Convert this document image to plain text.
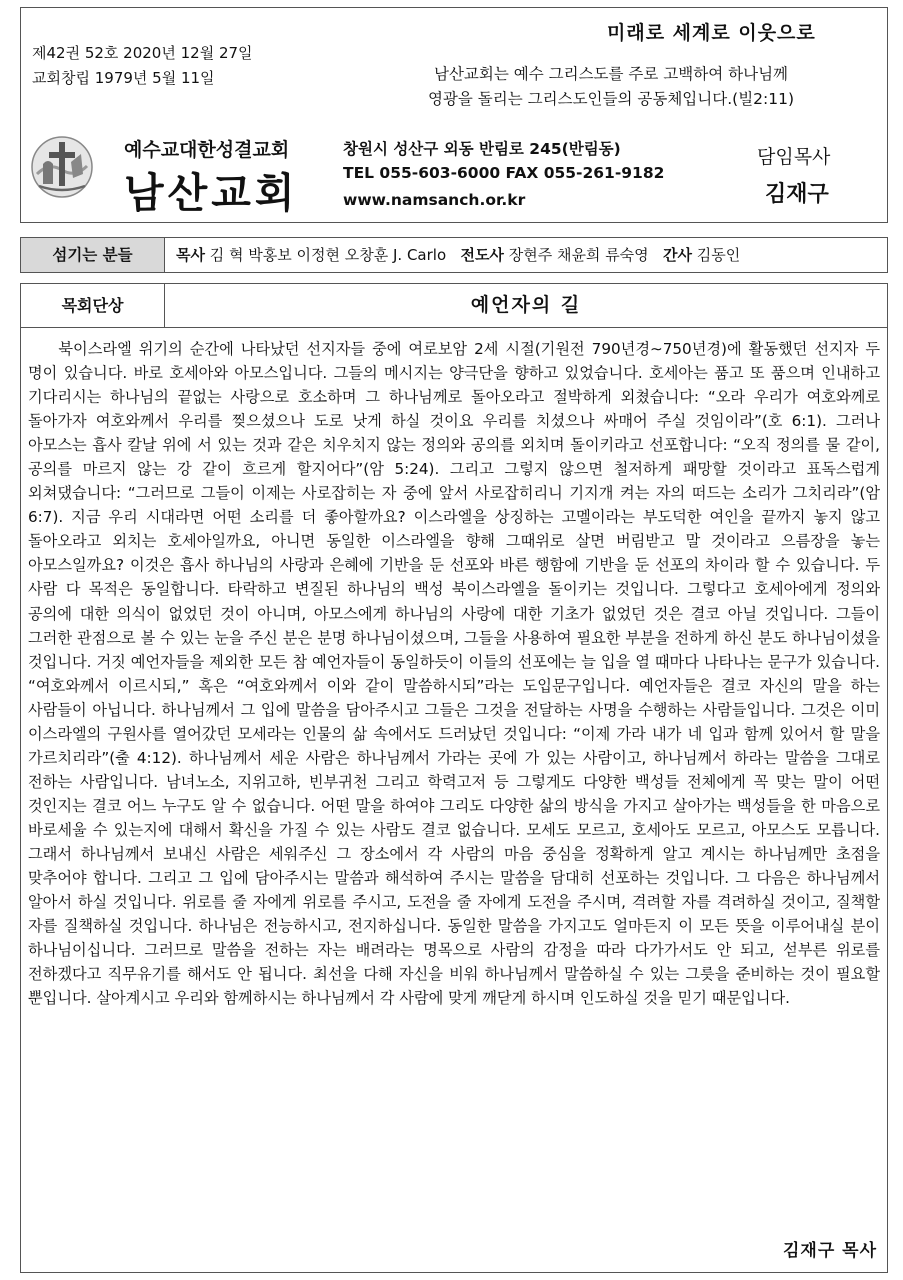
미래로 세계로 이웃으로
제42권 52호 2020년 12월 27일
교회창립 1979년 5월 11일	남산교회는 예수 그리스도를 주로 고백하여 하나님께
영광을 돌리는 그리스도인들의 공동체입니다.(빌2:11)
예수교대한성결교회
남산교회
창원시 성산구 외동 반림로 245(반림동)
TEL 055-603-6000 FAX 055-261-9182
www.namsanch.or.kr
담임목사
김재구
섬기는 분들	목사 김 혁 박홍보 이정현 오창훈 J. Carlo 전도사 장현주 채윤희 류숙영 간사 김동인
목회단상	예언자의 길
북이스라엘 위기의 순간에 나타났던 선지자들 중에 여로보암 2세 시절(기원전 790년경∼750년경)에 활동했던 선지자 두 명이 있습니다. 바로 호세아와 아모스입니다. 그들의 메시지는 양극단을 향하고 있었습니다. 호세아는 품고 또 품으며 인내하고 기다리시는 하나님의 끝없는 사랑으로 호소하며 그 하나님께로 돌아오라고 절박하게 외쳤습니다: “오라 우리가 여호와께로 돌아가자 여호와께서 우리를 찢으셨으나 도로 낫게 하실 것이요 우리를 치셨으나 싸매어 주실 것임이라”(호 6:1). 그러나 아모스는 흡사 칼날 위에 서 있는 것과 같은 치우치지 않는 정의와 공의를 외치며 돌이키라고 선포합니다: “오직 정의를 물 같이, 공의를 마르지 않는 강 같이 흐르게 할지어다”(암 5:24). 그리고 그렇지 않으면 철저하게 패망할 것이라고 표독스럽게 외쳐댔습니다: “그러므로 그들이 이제는 사로잡히는 자 중에 앞서 사로잡히리니 기지개 켜는 자의 떠드는 소리가 그치리라”(암 6:7). 지금 우리 시대라면 어떤 소리를 더 좋아할까요? 이스라엘을 상징하는 고멜이라는 부도덕한 여인을 끝까지 놓지 않고 돌아오라고 외치는 호세아일까요, 아니면 동일한 이스라엘을 향해 그때위로 살면 버림받고 말 것이라고 으름장을 놓는 아모스일까요? 이것은 흡사 하나님의 사랑과 은혜에 기반을 둔 선포와 바른 행함에 기반을 둔 선포의 차이라 할 수 있습니다. 두 사람 다 목적은 동일합니다. 타락하고 변질된 하나님의 백성 북이스라엘을 돌이키는 것입니다. 그렇다고 호세아에게 정의와 공의에 대한 의식이 없었던 것이 아니며, 아모스에게 하나님의 사랑에 대한 기초가 없었던 것은 결코 아닐 것입니다. 그들이 그러한 관점으로 볼 수 있는 눈을 주신 분은 분명 하나님이셨으며, 그들을 사용하여 필요한 부분을 전하게 하신 분도 하나님이셨을 것입니다. 거짓 예언자들을 제외한 모든 참 예언자들이 동일하듯이 이들의 선포에는 늘 입을 열 때마다 나타나는 문구가 있습니다. “여호와께서 이르시되,” 혹은 “여호와께서 이와 같이 말씀하시되”라는 도입문구입니다. 예언자들은 결코 자신의 말을 하는 사람들이 아닙니다. 하나님께서 그 입에 말씀을 담아주시고 그들은 그것을 전달하는 사명을 수행하는 사람들입니다. 그것은 이미 이스라엘의 구원사를 열어갔던 모세라는 인물의 삶 속에서도 드러났던 것입니다: “이제 가라 내가 네 입과 함께 있어서 할 말을 가르치리라”(출 4:12). 하나님께서 세운 사람은 하나님께서 가라는 곳에 가 있는 사람이고, 하나님께서 하라는 말씀을 그대로 전하는 사람입니다. 남녀노소, 지위고하, 빈부귀천 그리고 학력고저 등 그렇게도 다양한 백성들 전체에게 꼭 맞는 말이 어떤 것인지는 결코 어느 누구도 알 수 없습니다. 어떤 말을 하여야 그리도 다양한 삶의 방식을 가지고 살아가는 백성들을 한 마음으로 바로세울 수 있는지에 대해서 확신을 가질 수 있는 사람도 결코 없습니다. 모세도 모르고, 호세아도 모르고, 아모스도 모릅니다. 그래서 하나님께서 보내신 사람은 세워주신 그 장소에서 각 사람의 마음 중심을 정확하게 알고 계시는 하나님께만 초점을 맞추어야 합니다. 그리고 그 입에 담아주시는 말씀과 해석하여 주시는 말씀을 담대히 선포하는 것입니다. 그 다음은 하나님께서 알아서 하실 것입니다. 위로를 줄 자에게 위로를 주시고, 도전을 줄 자에게 도전을 주시며, 격려할 자를 격려하실 것이고, 질책할 자를 질책하실 것입니다. 하나님은 전능하시고, 전지하십니다. 동일한 말씀을 가지고도 얼마든지 이 모든 뜻을 이루어내실 분이 하나님이십니다. 그러므로 말씀을 전하는 자는 배려라는 명목으로 사람의 감정을 따라 다가가서도 안 되고, 섣부른 위로를 전하겠다고 직무유기를 해서도 안 됩니다. 최선을 다해 자신을 비워 하나님께서 말씀하실 수 있는 그릇을 준비하는 것이 필요할 뿐입니다. 살아계시고 우리와 함께하시는 하나님께서 각 사람에 맞게 깨닫게 하시며 인도하실 것을 믿기 때문입니다.
김재구 목사
